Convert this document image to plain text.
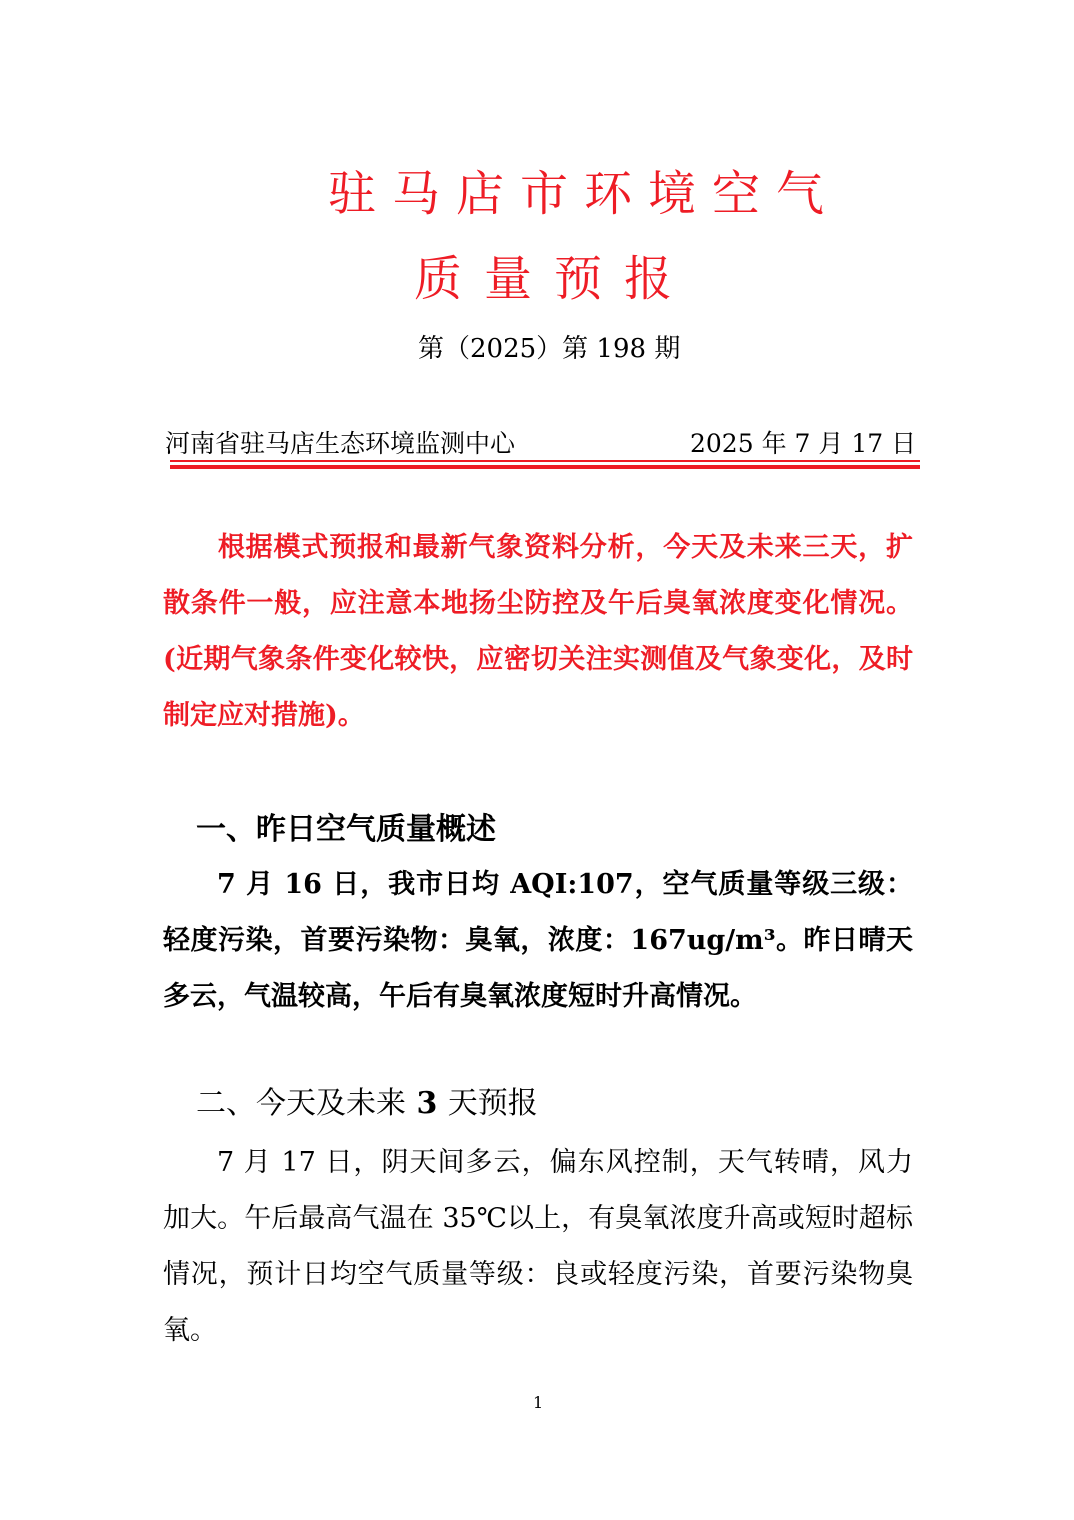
驻马店市环境空气
质量预报
第（2025）第 198 期
河南省驻马店生态环境监测中心	2025 年 7 月 17 日
根据模式预报和最新气象资料分析，今天及未来三天，扩散条件一般，应注意本地扬尘防控及午后臭氧浓度变化情况。(近期气象条件变化较快，应密切关注实测值及气象变化，及时制定应对措施)。
一、昨日空气质量概述
7 月 16 日，我市日均 AQI:107，空气质量等级三级：轻度污染，首要污染物：臭氧，浓度：167ug/m³。昨日晴天多云，气温较高，午后有臭氧浓度短时升高情况。
二、今天及未来 3 天预报
7 月 17 日，阴天间多云，偏东风控制，天气转晴，风力加大。午后最高气温在 35℃以上，有臭氧浓度升高或短时超标情况，预计日均空气质量等级：良或轻度污染，首要污染物臭氧。
1
